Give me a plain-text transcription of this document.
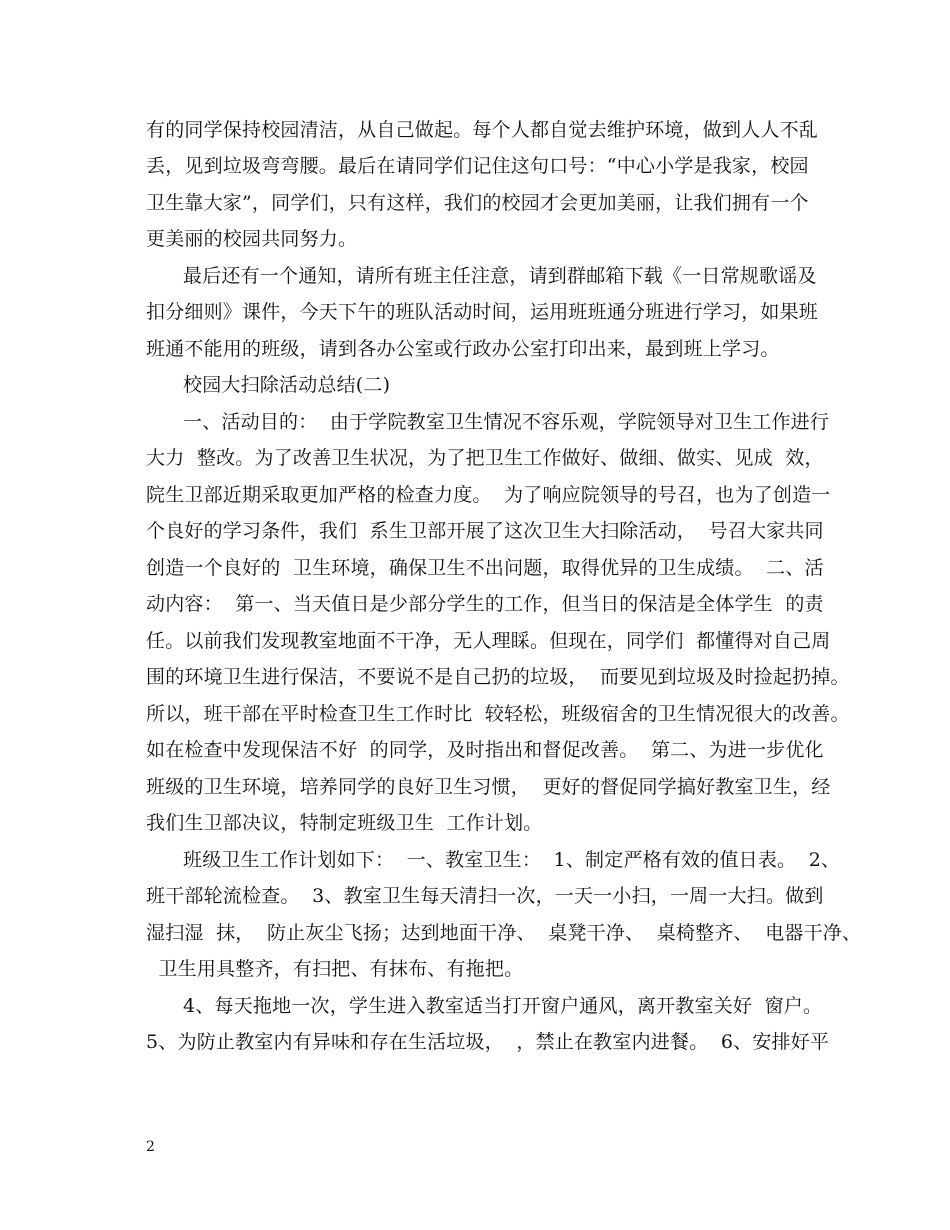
有的同学保持校园清洁，从自己做起。每个人都自觉去维护环境，做到人人不乱
丢，见到垃圾弯弯腰。最后在请同学们记住这句口号：“中心小学是我家，校园
卫生靠大家”，同学们，只有这样，我们的校园才会更加美丽，让我们拥有一个
更美丽的校园共同努力。
最后还有一个通知，请所有班主任注意，请到群邮箱下载《一日常规歌谣及
扣分细则》课件，今天下午的班队活动时间，运用班班通分班进行学习，如果班
班通不能用的班级，请到各办公室或行政办公室打印出来，最到班上学习。
校园大扫除活动总结(二)
一、活动目的：  由于学院教室卫生情况不容乐观，学院领导对卫生工作进行
大力  整改。为了改善卫生状况，为了把卫生工作做好、做细、做实、见成  效，
院生卫部近期采取更加严格的检查力度。  为了响应院领导的号召，也为了创造一
个良好的学习条件，我们  系生卫部开展了这次卫生大扫除活动，  号召大家共同
创造一个良好的  卫生环境，确保卫生不出问题，取得优异的卫生成绩。  二、活
动内容：  第一、当天值日是少部分学生的工作，但当日的保洁是全体学生  的责
任。以前我们发现教室地面不干净，无人理睬。但现在，同学们  都懂得对自己周
围的环境卫生进行保洁，不要说不是自己扔的垃圾，  而要见到垃圾及时捡起扔掉。
所以，班干部在平时检查卫生工作时比  较轻松，班级宿舍的卫生情况很大的改善。
如在检查中发现保洁不好  的同学，及时指出和督促改善。  第二、为进一步优化
班级的卫生环境，培养同学的良好卫生习惯，  更好的督促同学搞好教室卫生，经
我们生卫部决议，特制定班级卫生  工作计划。
班级卫生工作计划如下：  一、教室卫生：  1、制定严格有效的值日表。  2、
班干部轮流检查。  3、教室卫生每天清扫一次，一天一小扫，一周一大扫。做到
湿扫湿  抹，  防止灰尘飞扬；达到地面干净、  桌凳干净、  桌椅整齐、  电器干净、
卫生用具整齐，有扫把、有抹布、有拖把。
4、每天拖地一次，学生进入教室适当打开窗户通风，离开教室关好  窗户。
5、为防止教室内有异味和存在生活垃圾，  ，禁止在教室内进餐。  6、安排好平
2
